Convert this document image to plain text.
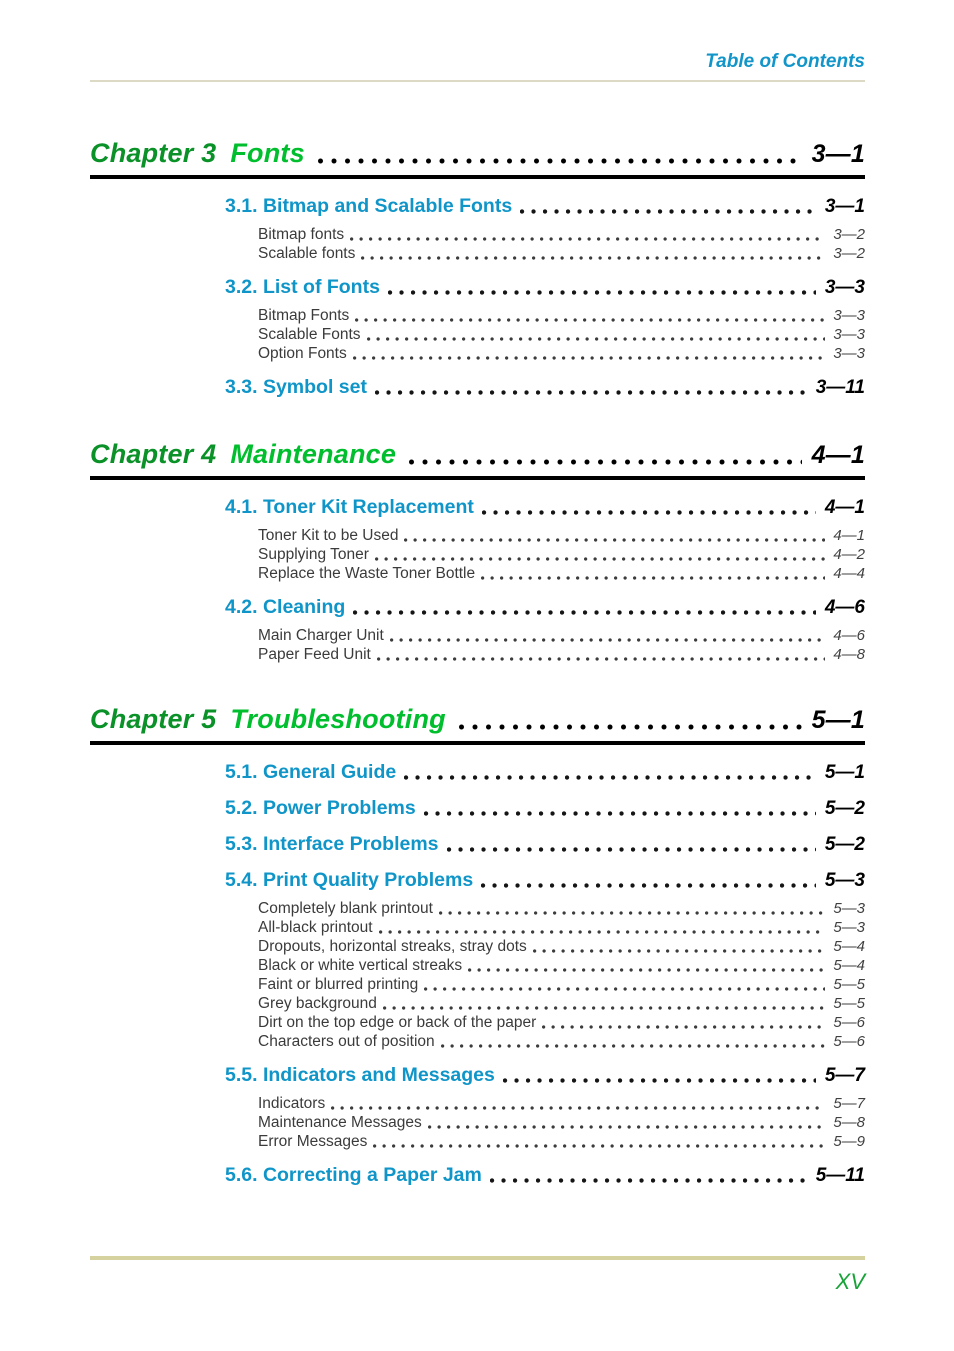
Table of Contents
Chapter 3 Fonts	3—1
3.1. Bitmap and Scalable Fonts	3—1
Bitmap fonts	3—2
Scalable fonts	3—2
3.2. List of Fonts	3—3
Bitmap Fonts	3—3
Scalable Fonts	3—3
Option Fonts	3—3
3.3. Symbol set	3—11
Chapter 4 Maintenance	4—1
4.1. Toner Kit Replacement	4—1
Toner Kit to be Used	4—1
Supplying Toner	4—2
Replace the Waste Toner Bottle	4—4
4.2. Cleaning	4—6
Main Charger Unit	4—6
Paper Feed Unit	4—8
Chapter 5 Troubleshooting	5—1
5.1. General Guide	5—1
5.2. Power Problems	5—2
5.3. Interface Problems	5—2
5.4. Print Quality Problems	5—3
Completely blank printout	5—3
All-black printout	5—3
Dropouts, horizontal streaks, stray dots	5—4
Black or white vertical streaks	5—4
Faint or blurred printing	5—5
Grey background	5—5
Dirt on the top edge or back of the paper	5—6
Characters out of position	5—6
5.5. Indicators and Messages	5—7
Indicators	5—7
Maintenance Messages	5—8
Error Messages	5—9
5.6. Correcting a Paper Jam	5—11
XV
